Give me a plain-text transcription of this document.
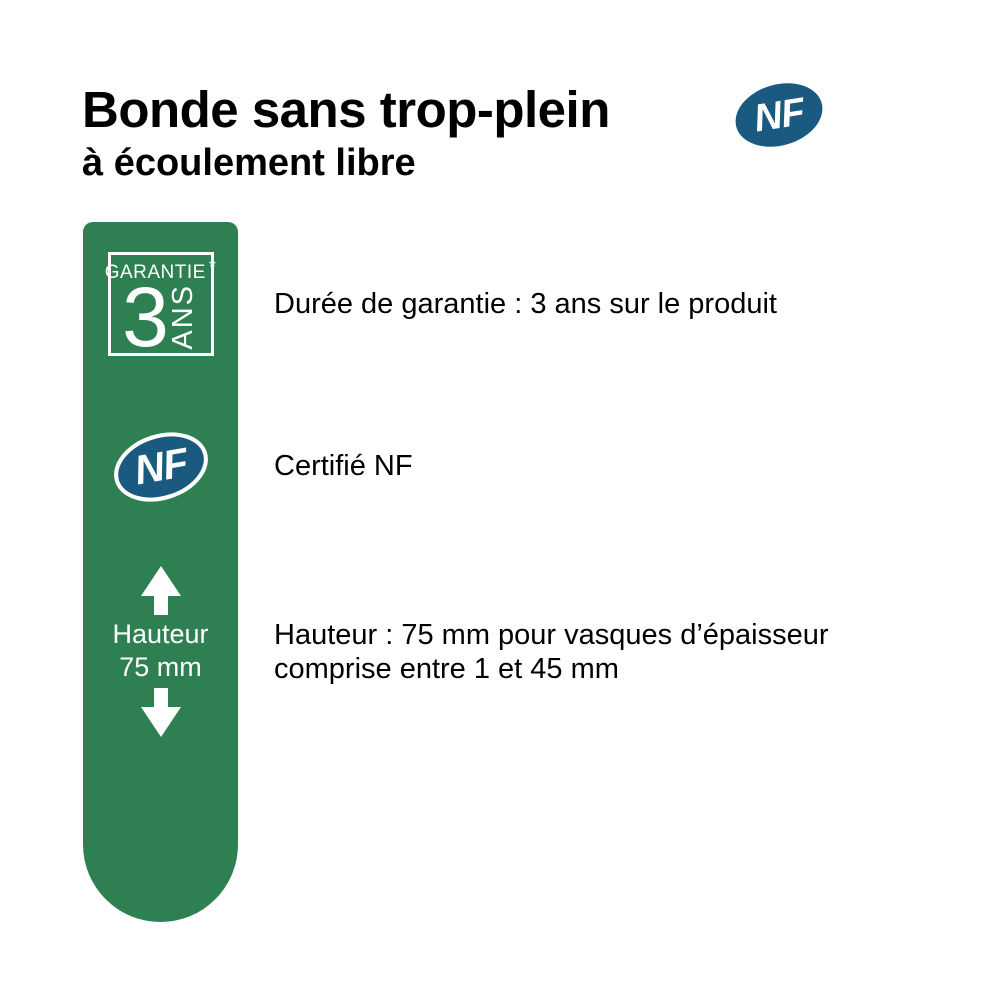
Bonde sans trop-plein	NF
à écoulement libre
GARANTIE *
3
ANS
NF
Hauteur
75 mm
Durée de garantie : 3 ans sur le produit
Certifié NF
Hauteur : 75 mm pour vasques d’épaisseur comprise entre 1 et 45 mm
